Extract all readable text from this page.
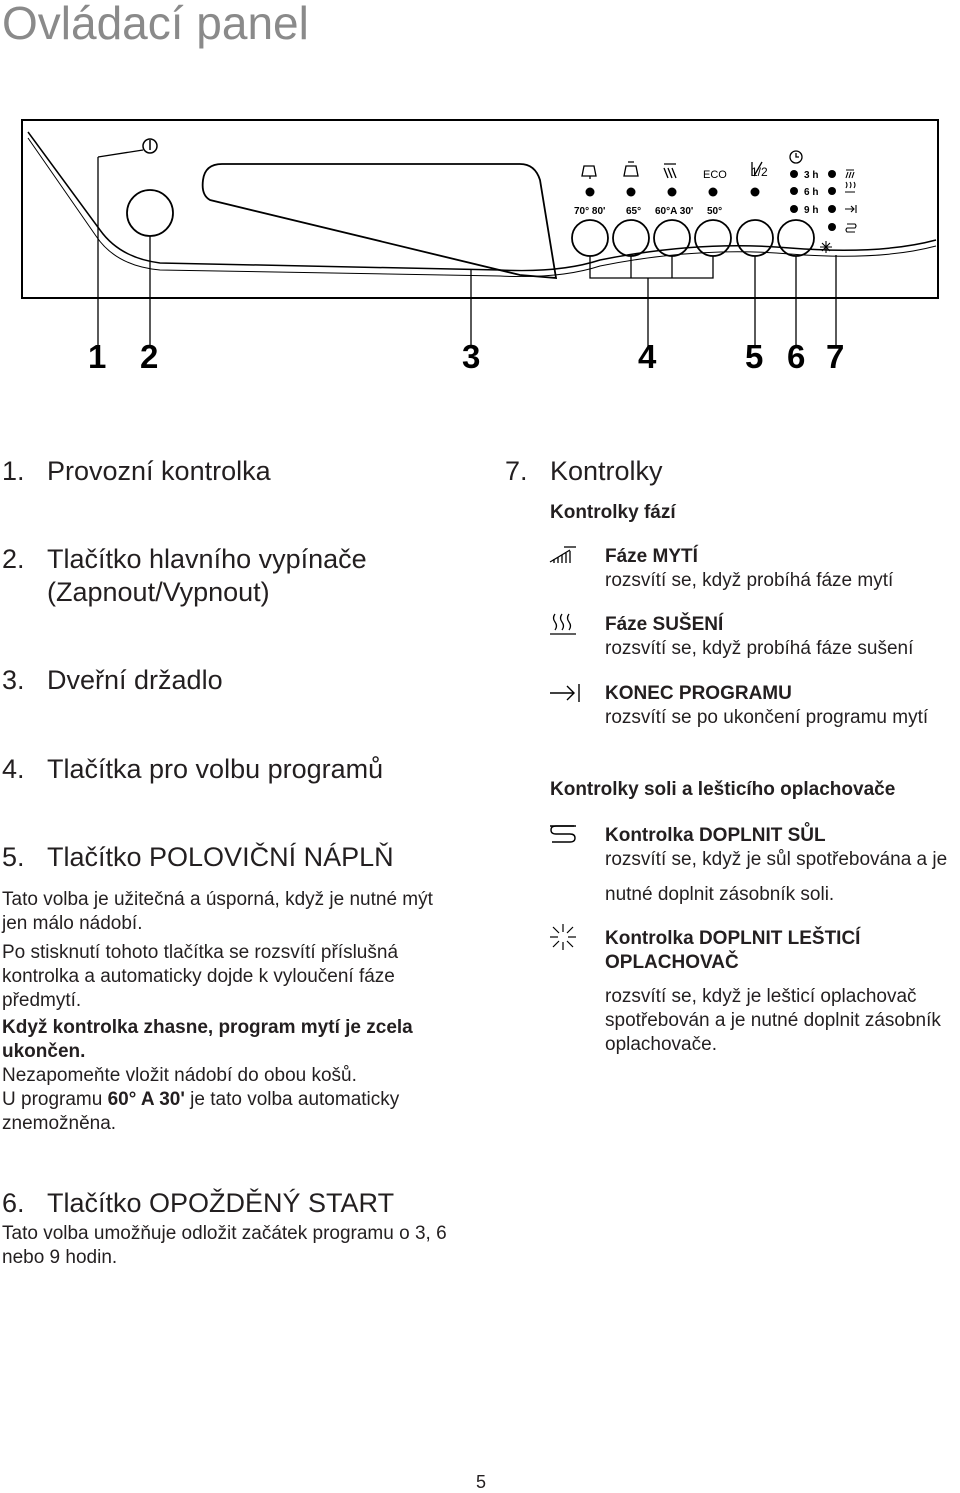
Ovládací panel
ECO 1/2
70° 80' 65° 60°A 30' 50°
3 h
6 h
9 h
1 2	3	4	5 6 7
1. Provozní kontrolka
2. Tlačítko hlavního vypínače
(Zapnout/Vypnout)
3. Dveřní držadlo
4. Tlačítka pro volbu programů
5. Tlačítko POLOVIČNÍ NÁPLŇ
Tato volba je užitečná a úsporná, když je nutné mýt jen málo nádobí.
Po stisknutí tohoto tlačítka se rozsvítí příslušná kontrolka a automaticky dojde k vyloučení fáze předmytí.
Když kontrolka zhasne, program mytí je zcela ukončen.
Nezapomeňte vložit nádobí do obou košů.
U programu 60° A 30' je tato volba automaticky znemožněna.
6. Tlačítko OPOŽDĚNÝ START
Tato volba umožňuje odložit začátek programu o 3, 6 nebo 9 hodin.
7. Kontrolky
Kontrolky fází
Fáze MYTÍ
rozsvítí se, když probíhá fáze mytí
Fáze SUŠENÍ
rozsvítí se, když probíhá fáze sušení
KONEC PROGRAMU
rozsvítí se po ukončení programu mytí
Kontrolky soli a lešticího oplachovače
Kontrolka DOPLNIT SŮL
rozsvítí se, když je sůl spotřebována a je
nutné doplnit zásobník soli.
Kontrolka DOPLNIT LEŠTICÍ
OPLACHOVAČ
rozsvítí se, když je lešticí oplachovač
spotřebován a je nutné doplnit zásobník
oplachovače.
5
